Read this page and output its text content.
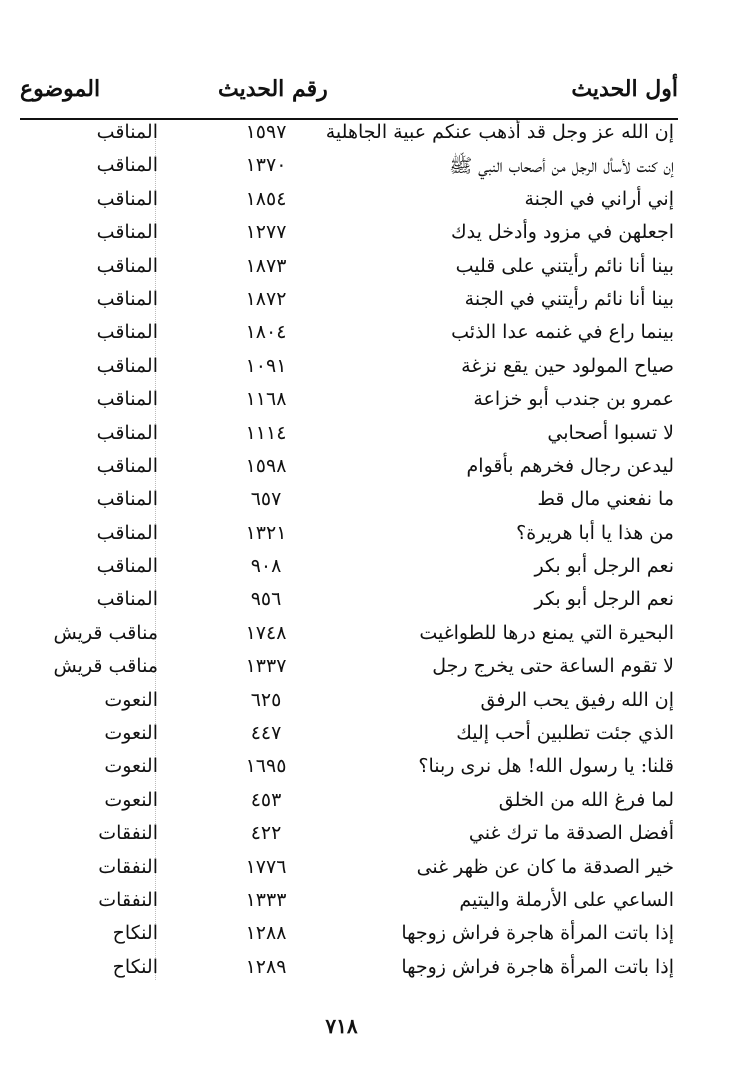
أول الحديث
رقم الحديث
الموضوع
إن الله عز وجل قد أذهب عنكم عبية الجاهلية
١٥٩٧
المناقب
إن كنت لأسأل الرجل من أصحاب النبي ﷺ
١٣٧٠
المناقب
إني أراني في الجنة
١٨٥٤
المناقب
اجعلهن في مزود وأدخل يدك
١٢٧٧
المناقب
بينا أنا نائم رأيتني على قليب
١٨٧٣
المناقب
بينا أنا نائم رأيتني في الجنة
١٨٧٢
المناقب
بينما راع في غنمه عدا الذئب
١٨٠٤
المناقب
صياح المولود حين يقع نزغة
١٠٩١
المناقب
عمرو بن جندب أبو خزاعة
١١٦٨
المناقب
لا تسبوا أصحابي
١١١٤
المناقب
ليدعن رجال فخرهم بأقوام
١٥٩٨
المناقب
ما نفعني مال قط
٦٥٧
المناقب
من هذا يا أبا هريرة؟
١٣٢١
المناقب
نعم الرجل أبو بكر
٩٠٨
المناقب
نعم الرجل أبو بكر
٩٥٦
المناقب
البحيرة التي يمنع درها للطواغيت
١٧٤٨
مناقب قريش
لا تقوم الساعة حتى يخرج رجل
١٣٣٧
مناقب قريش
إن الله رفيق يحب الرفق
٦٢٥
النعوت
الذي جئت تطلبين أحب إليك
٤٤٧
النعوت
قلنا: يا رسول الله! هل نرى ربنا؟
١٦٩٥
النعوت
لما فرغ الله من الخلق
٤٥٣
النعوت
أفضل الصدقة ما ترك غني
٤٢٢
النفقات
خير الصدقة ما كان عن ظهر غنى
١٧٧٦
النفقات
الساعي على الأرملة واليتيم
١٣٣٣
النفقات
إذا باتت المرأة هاجرة فراش زوجها
١٢٨٨
النكاح
إذا باتت المرأة هاجرة فراش زوجها
١٢٨٩
النكاح
٧١٨
